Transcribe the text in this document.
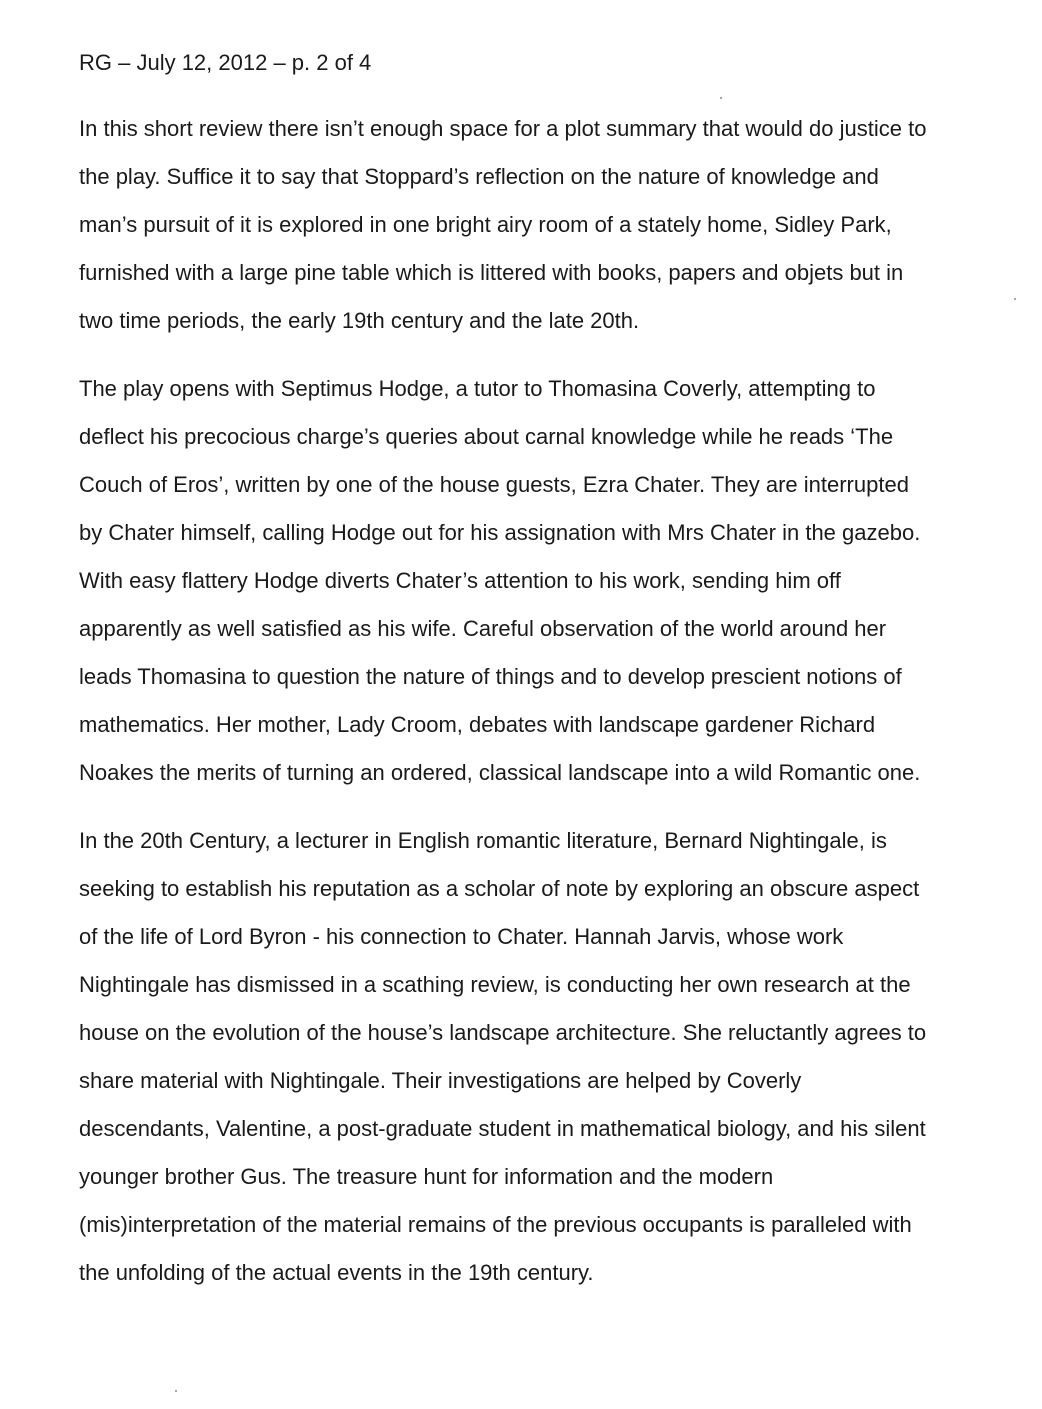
RG – July 12, 2012 – p. 2 of 4
In this short review there isn’t enough space for a plot summary that would do justice to
the play. Suffice it to say that Stoppard’s reflection on the nature of knowledge and
man’s pursuit of it is explored in one bright airy room of a stately home, Sidley Park,
furnished with a large pine table which is littered with books, papers and objets but in
two time periods, the early 19th century and the late 20th.
The play opens with Septimus Hodge, a tutor to Thomasina Coverly, attempting to
deflect his precocious charge’s queries about carnal knowledge while he reads ‘The
Couch of Eros’, written by one of the house guests, Ezra Chater. They are interrupted
by Chater himself, calling Hodge out for his assignation with Mrs Chater in the gazebo.
With easy flattery Hodge diverts Chater’s attention to his work, sending him off
apparently as well satisfied as his wife. Careful observation of the world around her
leads Thomasina to question the nature of things and to develop prescient notions of
mathematics. Her mother, Lady Croom, debates with landscape gardener Richard
Noakes the merits of turning an ordered, classical landscape into a wild Romantic one.
In the 20th Century, a lecturer in English romantic literature, Bernard Nightingale, is
seeking to establish his reputation as a scholar of note by exploring an obscure aspect
of the life of Lord Byron - his connection to Chater. Hannah Jarvis, whose work
Nightingale has dismissed in a scathing review, is conducting her own research at the
house on the evolution of the house’s landscape architecture. She reluctantly agrees to
share material with Nightingale. Their investigations are helped by Coverly
descendants, Valentine, a post-graduate student in mathematical biology, and his silent
younger brother Gus. The treasure hunt for information and the modern
(mis)interpretation of the material remains of the previous occupants is paralleled with
the unfolding of the actual events in the 19th century.
